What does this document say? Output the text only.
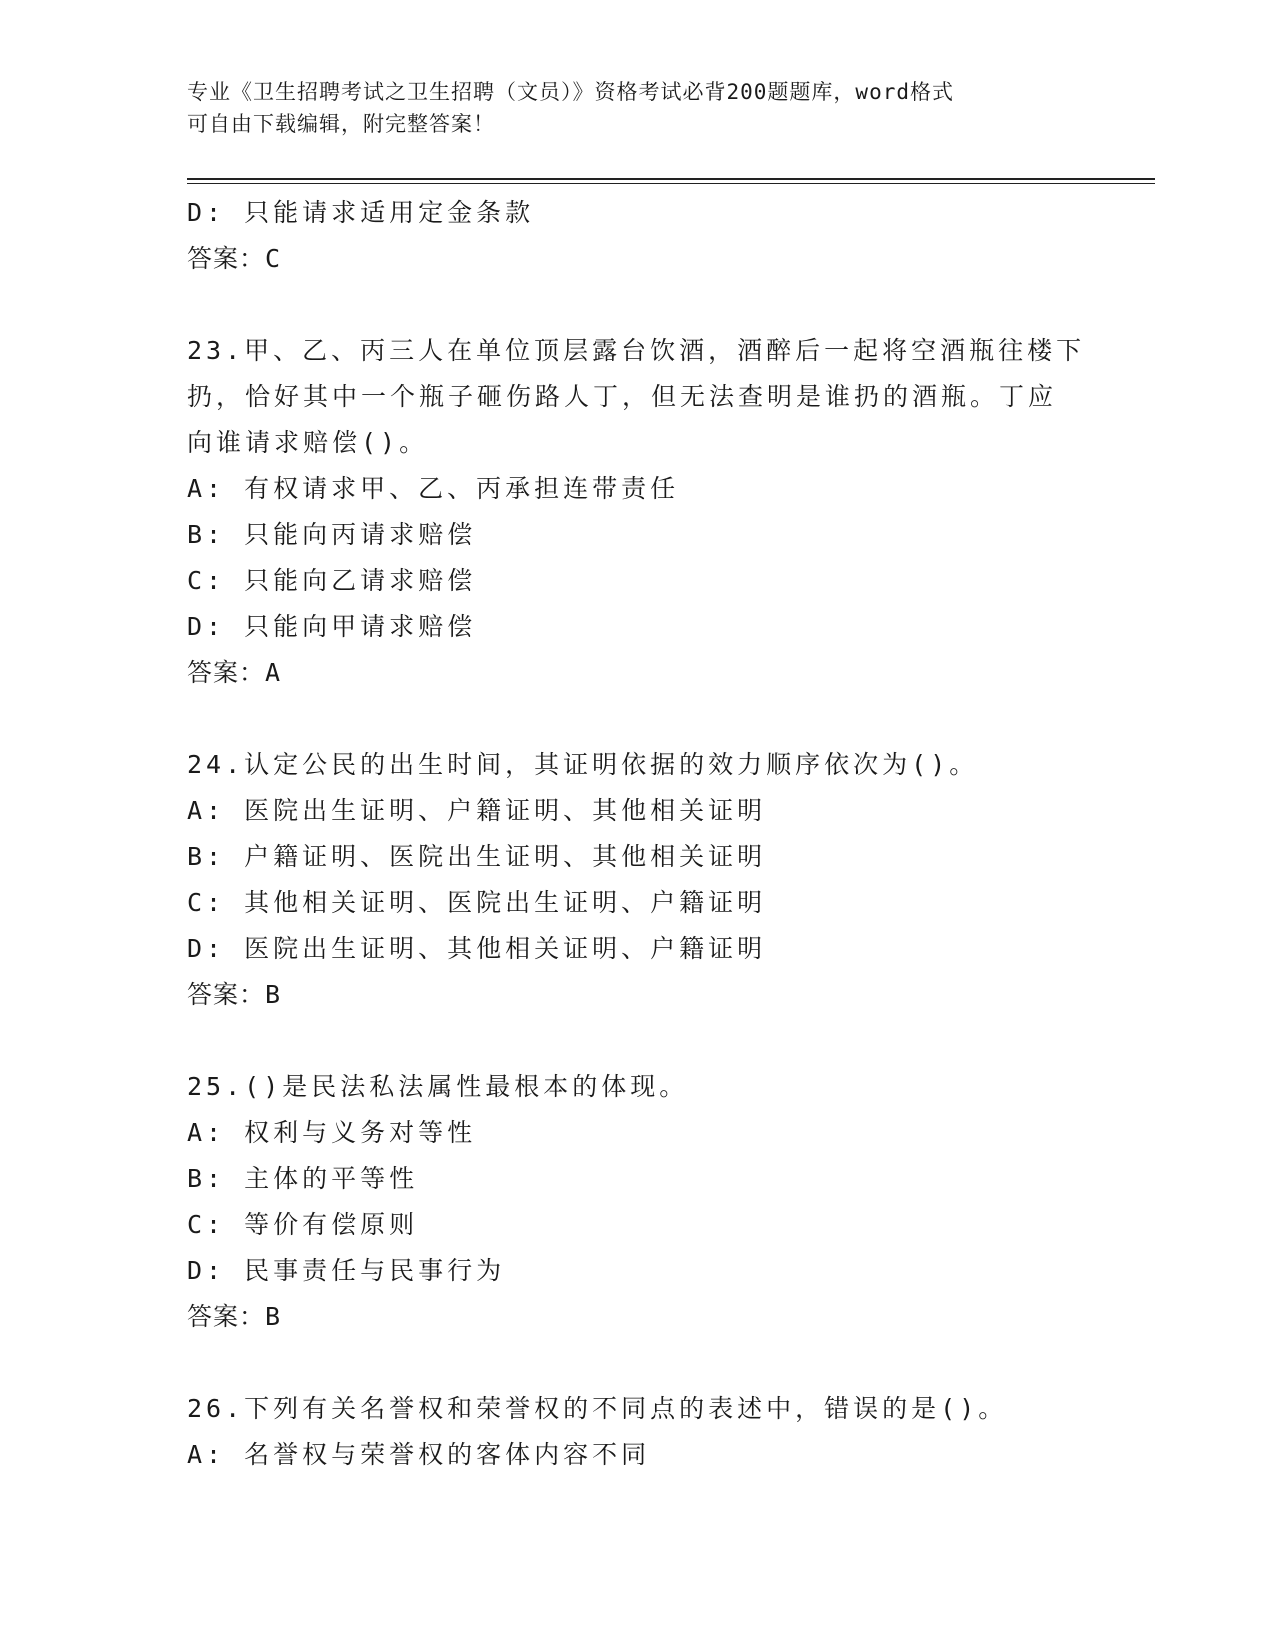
专业《卫生招聘考试之卫生招聘（文员）》资格考试必背200题题库，word格式
可自由下载编辑，附完整答案！
D: 只能请求适用定金条款
答案：C
23.甲、乙、丙三人在单位顶层露台饮酒，酒醉后一起将空酒瓶往楼下
扔，恰好其中一个瓶子砸伤路人丁，但无法查明是谁扔的酒瓶。丁应
向谁请求赔偿()。
A: 有权请求甲、乙、丙承担连带责任
B: 只能向丙请求赔偿
C: 只能向乙请求赔偿
D: 只能向甲请求赔偿
答案：A
24.认定公民的出生时间，其证明依据的效力顺序依次为()。
A: 医院出生证明、户籍证明、其他相关证明
B: 户籍证明、医院出生证明、其他相关证明
C: 其他相关证明、医院出生证明、户籍证明
D: 医院出生证明、其他相关证明、户籍证明
答案：B
25.()是民法私法属性最根本的体现。
A: 权利与义务对等性
B: 主体的平等性
C: 等价有偿原则
D: 民事责任与民事行为
答案：B
26.下列有关名誉权和荣誉权的不同点的表述中，错误的是()。
A: 名誉权与荣誉权的客体内容不同
